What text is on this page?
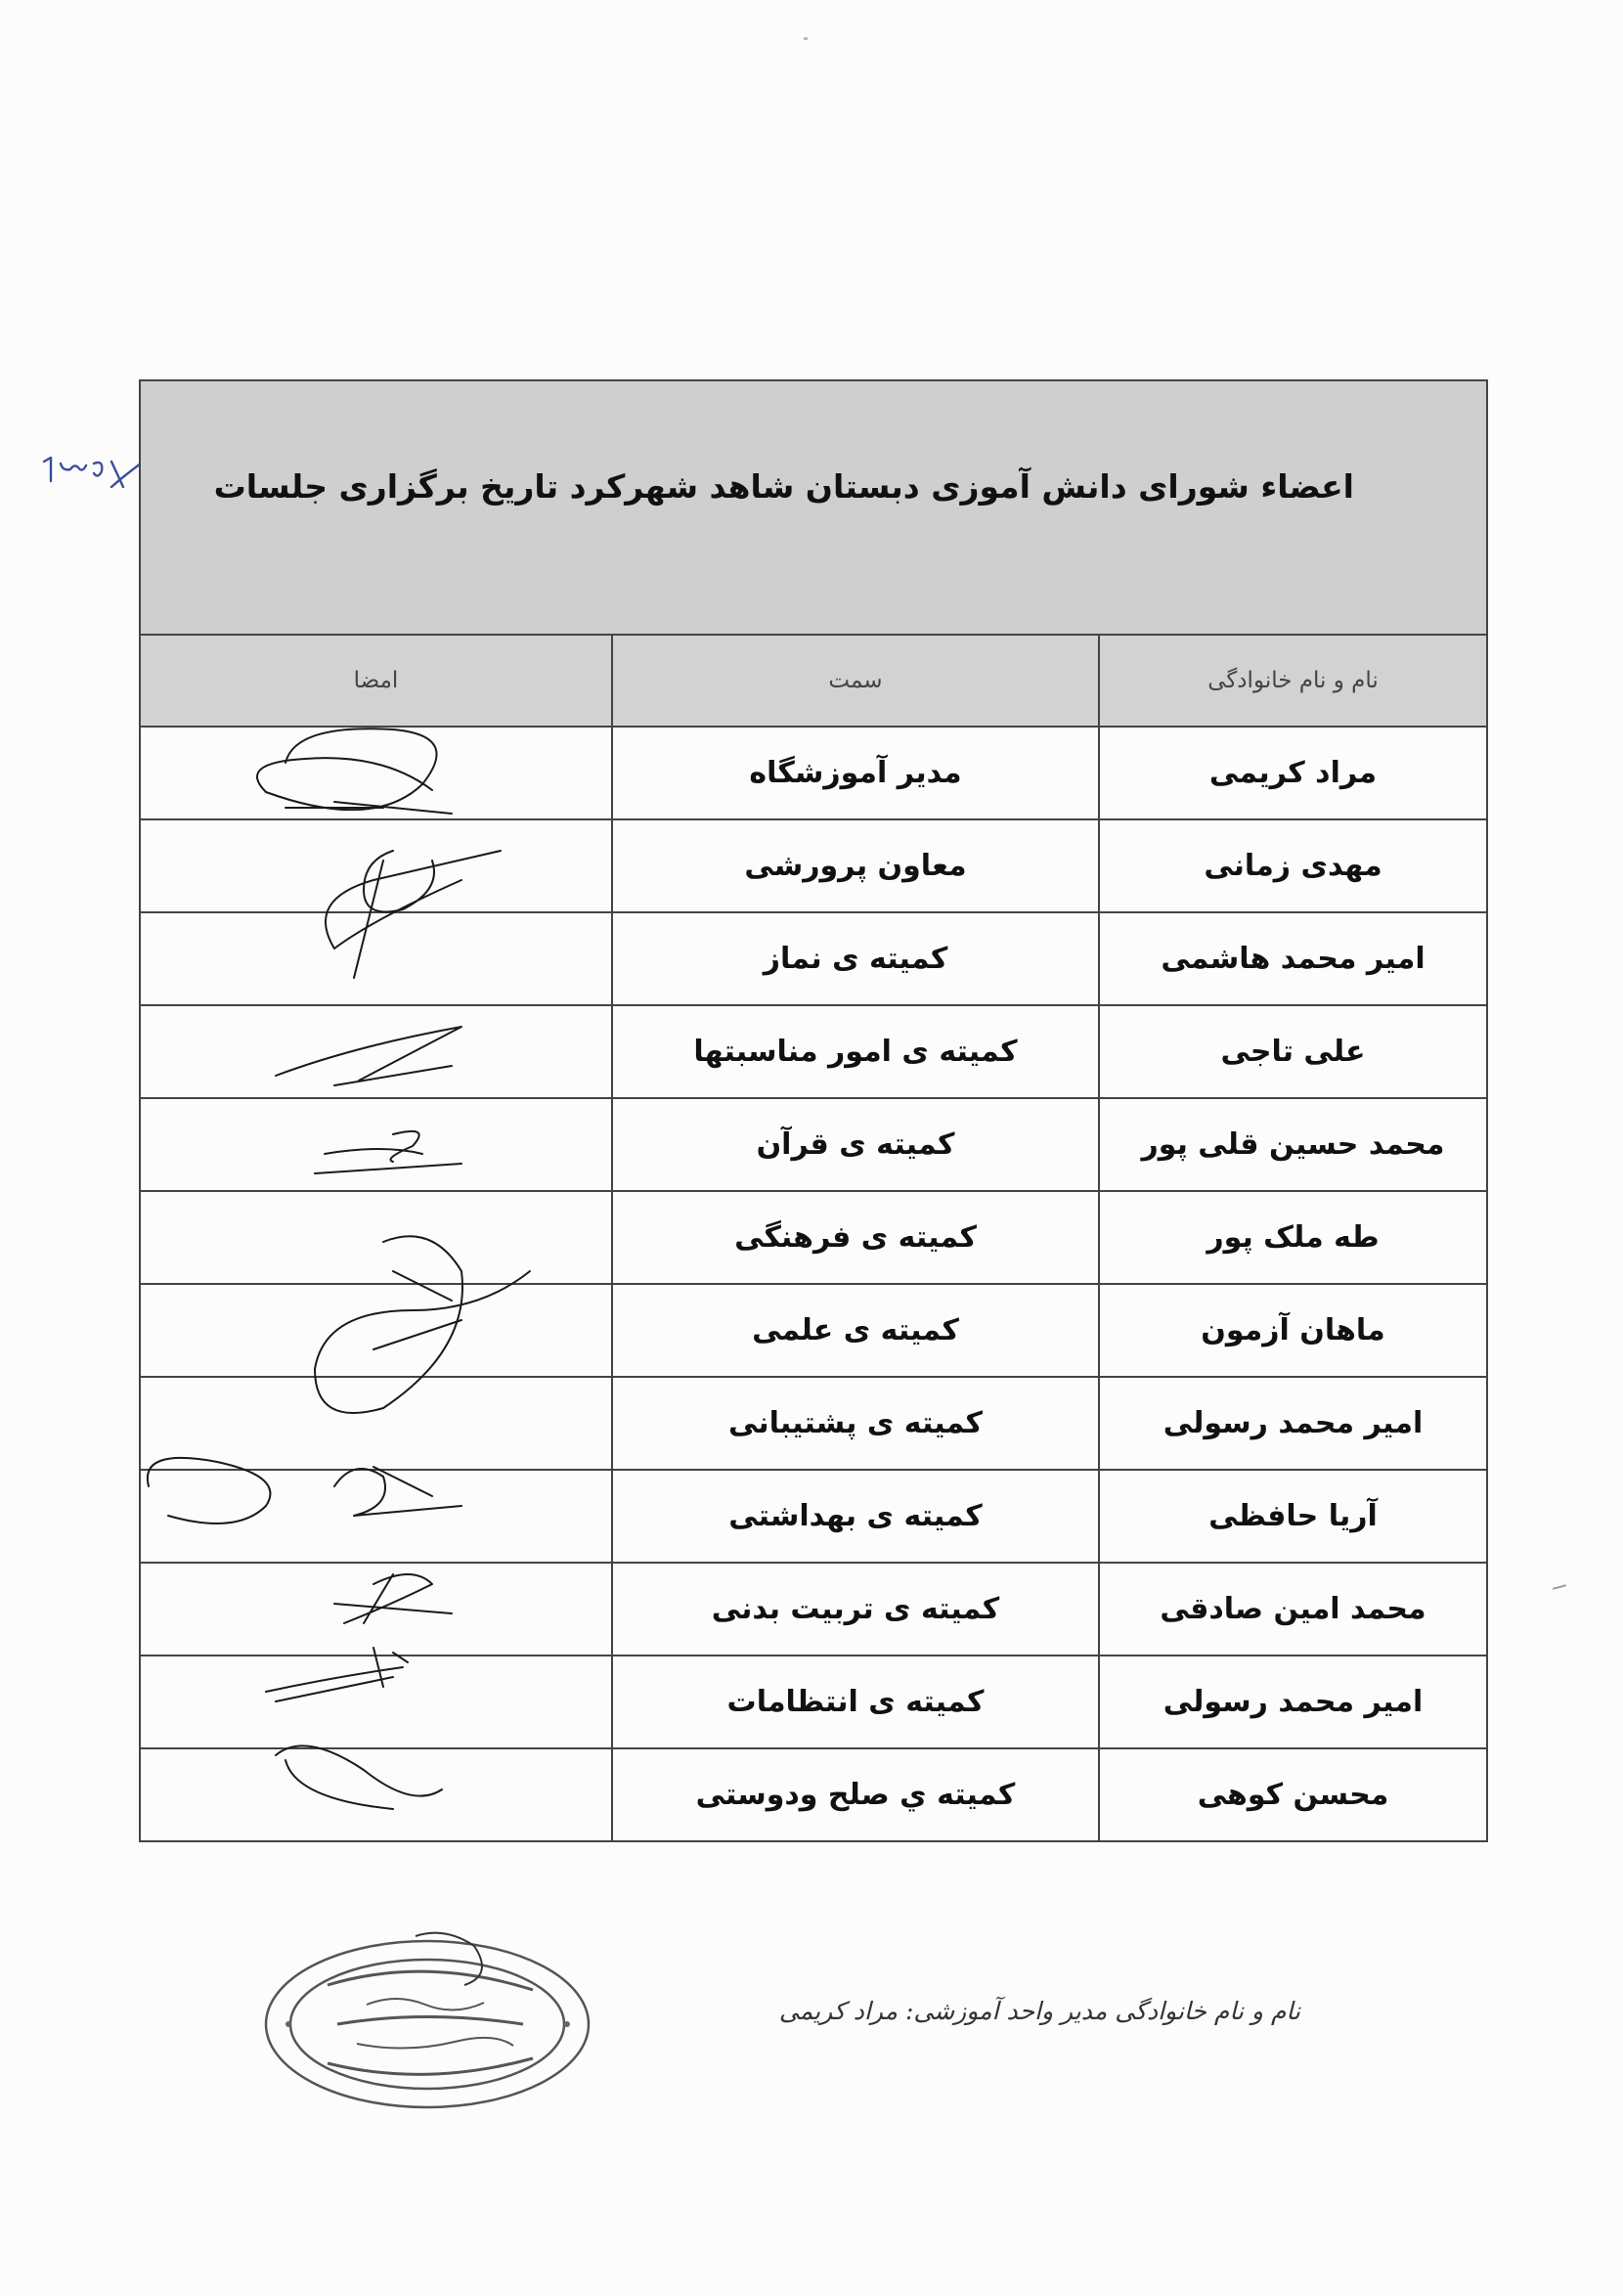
اعضاء شورای دانش آموزی دبستان شاهد شهرکرد تاریخ برگزاری جلسات
نام و نام خانوادگی	سمت	امضا
مراد کریمی	مدیر آموزشگاه	
مهدی زمانی	معاون پرورشی	
امیر محمد هاشمی	کمیته ی نماز	
علی تاجی	کمیته ی امور مناسبتها	
محمد حسین قلی پور	کمیته ی قرآن	
طه ملک پور	کمیته ی فرهنگی	
ماهان آزمون	کمیته ی علمی	
امیر محمد رسولی	کمیته ی پشتیبانی	
آریا حافظی	کمیته ی بهداشتی	
محمد امین صادقی	کمیته ی تربیت بدنی	
امیر محمد رسولی	کمیته ی انتظامات	
محسن کوهی	کمیته ي صلح ودوستی	
نام و نام خانوادگی مدیر واحد آموزشی: مراد کریمی
